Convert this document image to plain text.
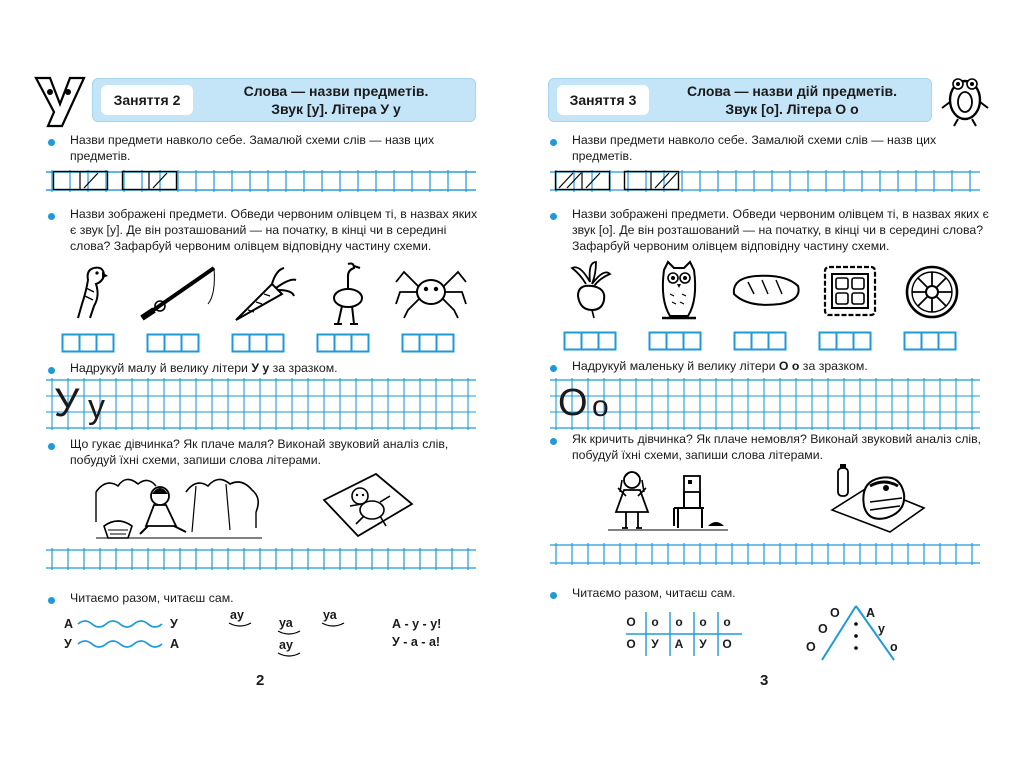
Заняття 2
Слова — назви предметів.
Звук [у]. Літера У у
Назви предмети навколо себе. Замалюй схеми слів — назв цих предметів.
Назви зображені предмети. Обведи червоним олівцем ті, в назвах яких є звук [у]. Де він розташований — на початку, в кінці чи в середині слова? Зафарбуй червоним олівцем відповідну частину схеми.
Надрукуй малу й велику літери У у за зразком.
У у
Що гукає дівчинка? Як плаче маля? Виконай звуковий аналіз слів, побудуй їхні схеми, запиши слова літерами.
Читаємо разом, читаєш сам.
А	У
У	А
ау
уа
ау
уа
А - у - у!
У - а - а!
2
Заняття 3
Слова — назви дій предметів.
Звук [о]. Літера О о
Назви предмети навколо себе. Замалюй схеми слів — назв цих предметів.
Назви зображені предмети. Обведи червоним олівцем ті, в назвах яких є звук [о]. Де він розташований — на початку, в кінці чи в середині слова? Зафарбуй червоним олівцем відповідну частину схеми.
Надрукуй маленьку й велику літери О о за зразком.
О о
Як кричить дівчинка? Як плаче немовля? Виконай звуковий аналіз слів, побудуй їхні схеми, запиши слова літерами.
Читаємо разом, читаєш сам.
О	о	о	о	о
О	У	А	У	О
О
О
О
А
у
о
3
